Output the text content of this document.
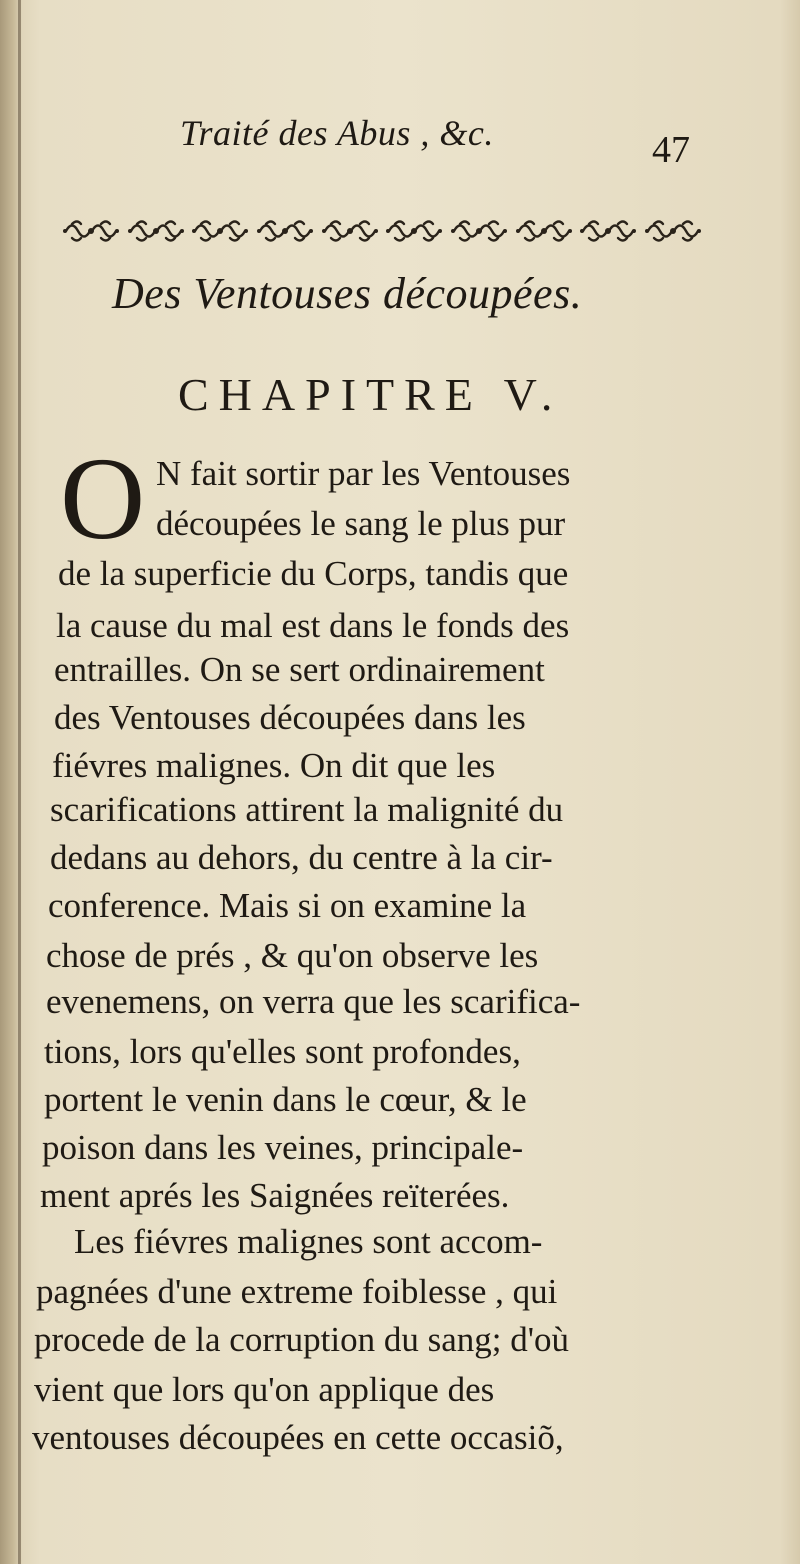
Traité des Abus , &c.	47
Des Ventouses découpées.
CHAPITRE V.
O N fait sortir par les Ventouses
découpées le sang le plus pur
de la superficie du Corps, tandis que
la cause du mal est dans le fonds des
entrailles. On se sert ordinairement
des Ventouses découpées dans les
fiévres malignes. On dit que les
scarifications attirent la malignité du
dedans au dehors, du centre à la cir-
conference. Mais si on examine la
chose de prés , & qu'on observe les
evenemens, on verra que les scarifica-
tions, lors qu'elles sont profondes,
portent le venin dans le cœur, & le
poison dans les veines, principale-
ment aprés les Saignées reïterées.
Les fiévres malignes sont accom-
pagnées d'une extreme foiblesse , qui
procede de la corruption du sang; d'où
vient que lors qu'on applique des
ventouses découpées en cette occasiõ,
